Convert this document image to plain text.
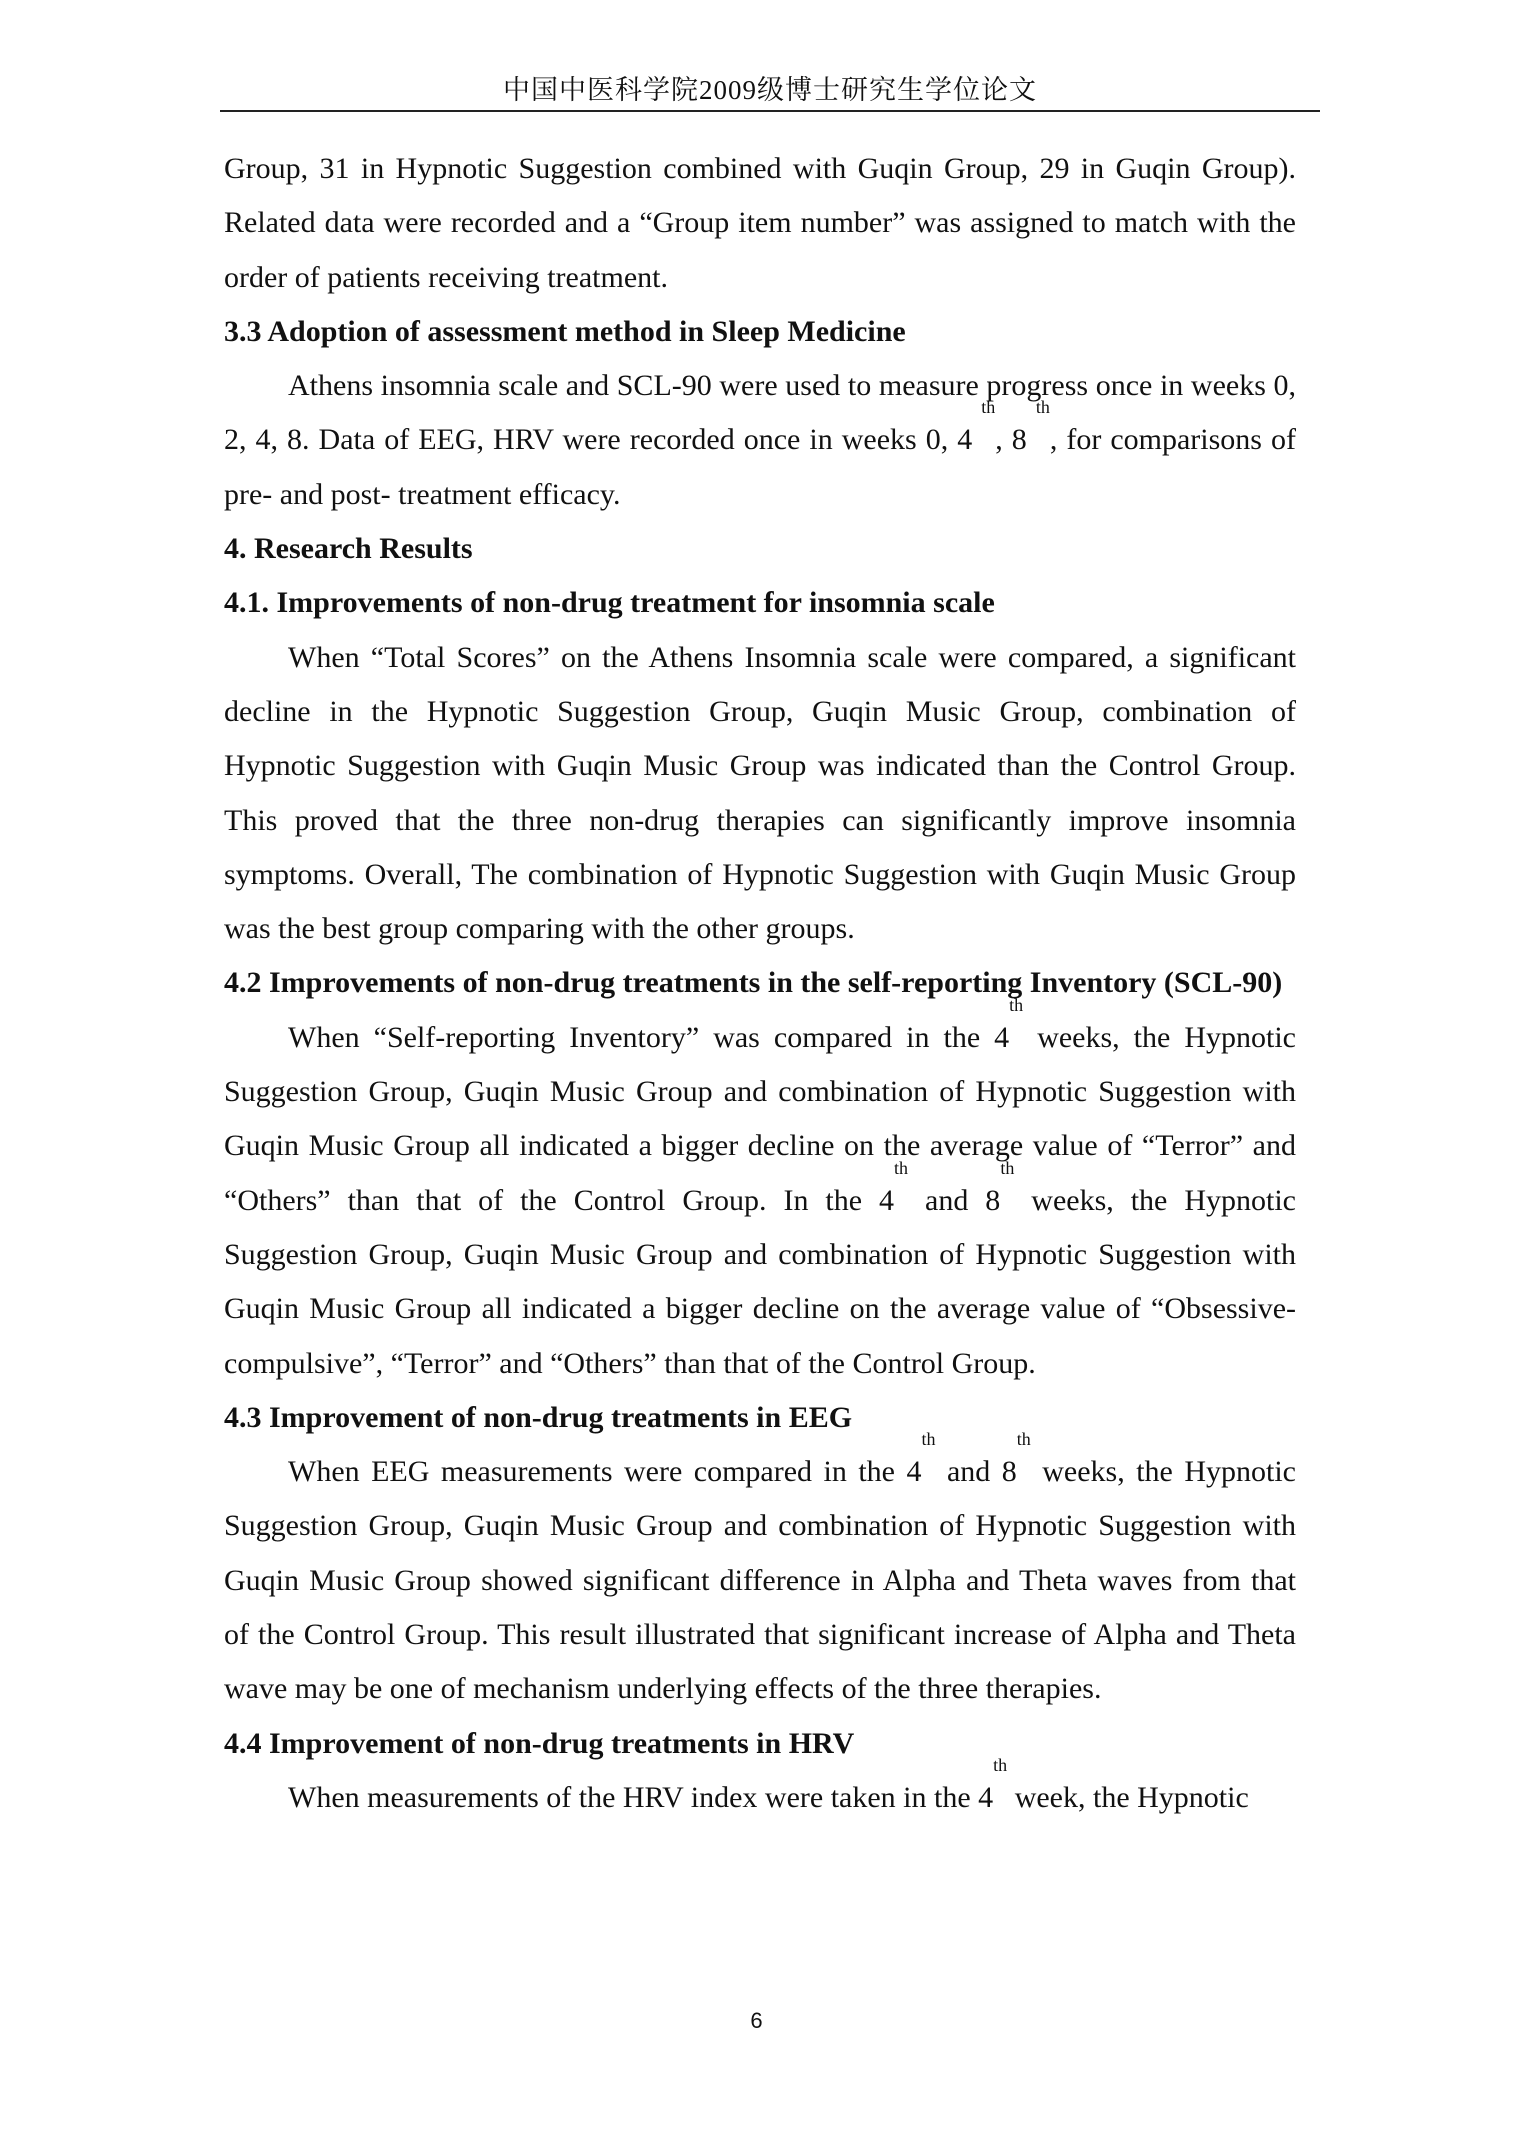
中国中医科学院2009级博士研究生学位论文

Group, 31 in Hypnotic Suggestion combined with Guqin Group, 29 in Guqin Group). Related data were recorded and a “Group item number” was assigned to match with the order of patients receiving treatment.

3.3 Adoption of assessment method in Sleep Medicine

Athens insomnia scale and SCL-90 were used to measure progress once in weeks 0, 2, 4, 8. Data of EEG, HRV were recorded once in weeks 0, 4 $^{th}$, 8 $^{th}$, for comparisons of pre- and post- treatment efficacy.

4. Research Results
4.1. Improvements of non-drug treatment for insomnia scale

When “Total Scores” on the Athens Insomnia scale were compared, a significant decline in the Hypnotic Suggestion Group, Guqin Music Group, combination of Hypnotic Suggestion with Guqin Music Group was indicated than the Control Group. This proved that the three non-drug therapies can significantly improve insomnia symptoms. Overall, The combination of Hypnotic Suggestion with Guqin Music Group was the best group comparing with the other groups.

4.2 Improvements of non-drug treatments in the self-reporting Inventory (SCL-90)

When “Self-reporting Inventory” was compared in the 4th weeks, the Hypnotic Suggestion Group, Guqin Music Group and combination of Hypnotic Suggestion with Guqin Music Group all indicated a bigger decline on the average value of “Terror” and “Others” than that of the Control Group. In the 4th and 8th weeks, the Hypnotic Suggestion Group, Guqin Music Group and combination of Hypnotic Suggestion with Guqin Music Group all indicated a bigger decline on the average value of “Obsessive-compulsive”, “Terror” and “Others” than that of the Control Group.

4.3 Improvement of non-drug treatments in EEG

When EEG measurements were compared in the 4th and 8th weeks, the Hypnotic Suggestion Group, Guqin Music Group and combination of Hypnotic Suggestion with Guqin Music Group showed significant difference in Alpha and Theta waves from that of the Control Group. This result illustrated that significant increase of Alpha and Theta wave may be one of mechanism underlying effects of the three therapies.

4.4 Improvement of non-drug treatments in HRV

When measurements of the HRV index were taken in the 4th week, the Hypnotic

6
